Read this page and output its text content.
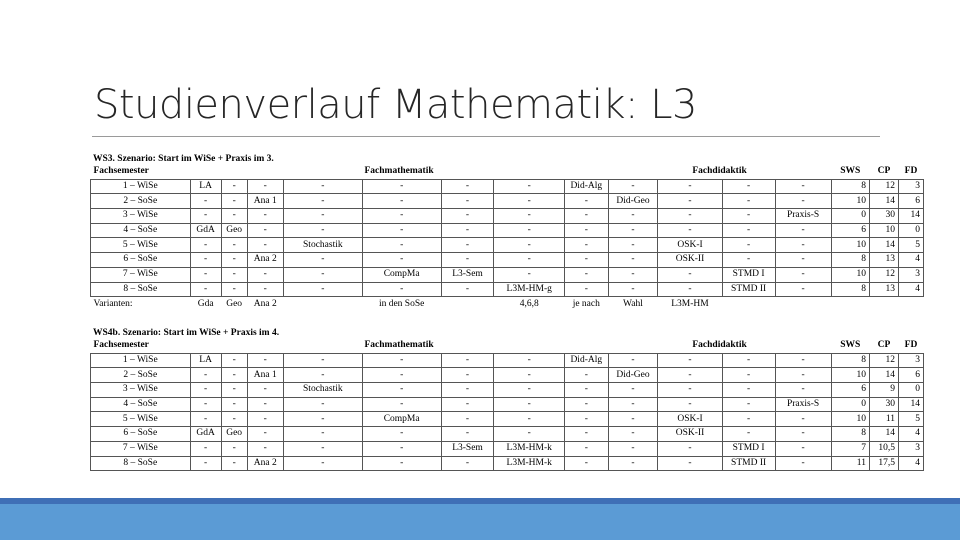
Studienverlauf Mathematik: L3
WS3. Szenario: Start im WiSe + Praxis im 3.
Fachsemester	Fachmathematik								Fachdidaktik				SWS	CP	FD
1 – WiSe	LA	-	-	-	-	-	-	Did-Alg	-	-	-	-	8	12	3
2 – SoSe	-	-	Ana 1	-	-	-	-	-	Did-Geo	-	-	-	10	14	6
3 – WiSe	-	-	-	-	-	-	-	-	-	-	-	Praxis-S	0	30	14
4 – SoSe	GdA	Geo	-	-	-	-	-	-	-	-	-	-	6	10	0
5 – WiSe	-	-	-	Stochastik	-	-	-	-	-	OSK-I	-	-	10	14	5
6 – SoSe	-	-	Ana 2	-	-	-	-	-	-	OSK-II	-	-	8	13	4
7 – WiSe	-	-	-	-	CompMa	L3-Sem	-	-	-	-	STMD I	-	10	12	3
8 – SoSe	-	-	-	-	-	-	L3M-HM-g	-	-	-	STMD II	-	8	13	4
Varianten:	Gda	Geo	Ana 2		in den SoSe		4,6,8	je nach	Wahl	L3M-HM					
WS4b. Szenario: Start im WiSe + Praxis im 4.
Fachsemester	Fachmathematik								Fachdidaktik				SWS	CP	FD
1 – WiSe	LA	-	-	-	-	-	-	Did-Alg	-	-	-	-	8	12	3
2 – SoSe	-	-	Ana 1	-	-	-	-	-	Did-Geo	-	-	-	10	14	6
3 – WiSe	-	-	-	Stochastik	-	-	-	-	-	-	-	-	6	9	0
4 – SoSe	-	-	-	-	-	-	-	-	-	-	-	Praxis-S	0	30	14
5 – WiSe	-	-	-	-	CompMa	-	-	-	-	OSK-I	-	-	10	11	5
6 – SoSe	GdA	Geo	-	-	-	-	-	-	-	OSK-II	-	-	8	14	4
7 – WiSe	-	-	-	-	-	L3-Sem	L3M-HM-k	-	-	-	STMD I	-	7	10,5	3
8 – SoSe	-	-	Ana 2	-	-	-	L3M-HM-k	-	-	-	STMD II	-	11	17,5	4
